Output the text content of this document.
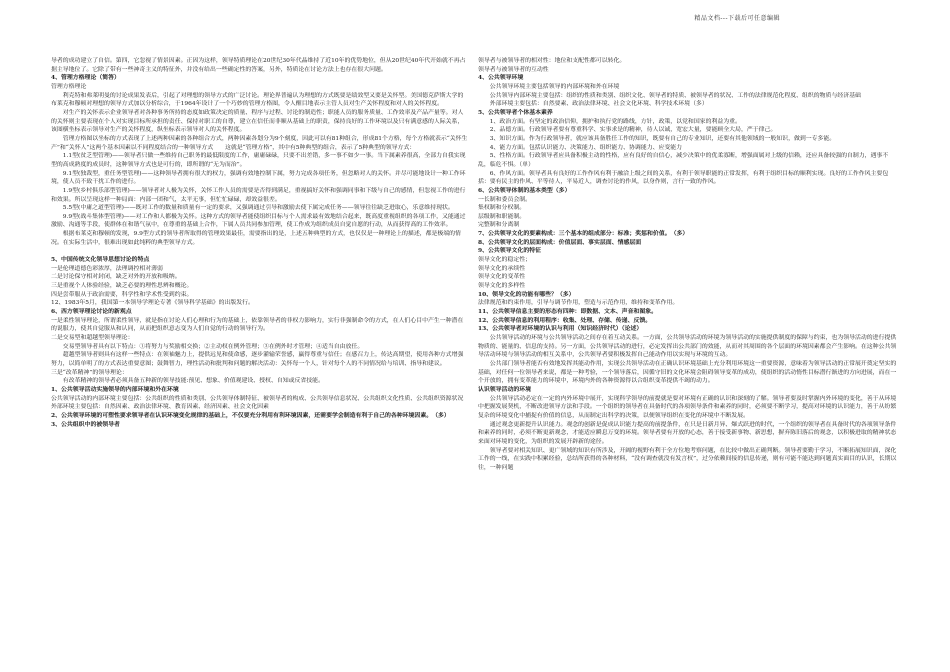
精品文档---下载后可任意编辑

导者的成功建立了自信。第四，它忽视了情景因素。正因为这样，领导特质理论在20世纪30年代晶维持了近10年的优势地位，但从20世纪40年代开始就不再占据主导地位了。它除了带有一些神奇主义的特征外，并没有给出一些确定性的答案，另外，特质论在讨论方法上也存在很大问题。

4、管理方格理论（简答）

管理方格理论

利克特和弗莱明曼的讨论成果发表后，引起了对理想的领导方式的广泛讨论。理论界普遍认为理想的方式既要是绩效型又要是关怀型。美国德克萨斯大学的布莱克和穆顿对理想的领导方式加以分析综合，于1964年设计了一个巧妙的管理方格图，令人醒目地表示主管人员对生产关怀程度和对人的关怀程度。

对生产的关怀表示企业领导者对各种事务所持的态度如政策决定的质量、程序与过程、讨论的制造性；职能人员的服务质量、工作效率及产品产量等。对人的关怀则主要表现在个人对实现目标所承担的责任、保持对职工的自尊，建立在信任而非顺从基础上的职责，保持良好的工作环境以及只有满意感的人际关系，该图横坐标表示领导对生产的关怀程度，纵坐标表示领导对人的关怀程度。

管理方格图以坐标的方式表现了上述两种因素的各种组合方式，两种因素各划分为9个刻度，因此可以有81种组合，形成81个方格，每个方格就表示“关怀生产”和“关怀人”这两个基本因素以不同程度结合的一种领导方式　　这就是“管理方格”，其中有5种典型的组合，表示了5种典型的领导方式：

1.1型(贫乏型管理)——领导者只做一些维持自己职务的最低限度的工作，庸庸碌碌，只要不出差错，多一事不如少一事。当下属素养很高，全部力自我实现型的高成熟度的成员时，这种领导方式也是可行的，即所谓的“无为而治”。

9.1型(独裁型，重任务型管理)——这种领导者拥有很大的权力，强调有效地控制下属，努力完成各项任务，但忽略对人的关怀。并尽可能地设计一种工作环境，使人员不致干扰工作的进行。

1.9型(乡村俱乐部型管理)——领导者对人极为关怀，关怀工作人员的需要是否得到满足，重视搞好关怀和强调同事和下级与自己的感情，但忽视工作的进行和效果。所以呈现这样一种局面：内部一团和气，太平无事，但忙忙碌碌，却效益很差。

5.5型(中庸之道型管理)——既对工作的数量和质量有一定的要求，又强调通过引导和激励去使下属完成任务——领导往往缺乏进取心，乐意维持现状。

9.9型(战斗集体型管理)——对工作和人都极为关怀。这种方式的领导者能使组织目标与个人需求最有效地结合起来，既高度重视组织的各项工作，又能通过激励、沟通等手段，使群体在和谐气氛中，在尊重的基础上合作，下属人员共同参加管理，使工作成为组织成员自觉自愿的行动，从而获得高的工作效率。

根据布莱克和穆顿的发现，9.9型方式的领导者所取得的管理效果最佳，需要指出的是，上述五种典型的方式，也仅仅是一种理论上的描述，都是极端的情况。在实际生活中，很难出现如此纯粹的典型领导方式。

5、中国传统文化领导思想讨论的特点

一是伦理道德色彩浓厚，法理调控相对薄弱

二是讨论保守相对封闭，缺乏对外的开放和吸纳。

三是重视个人体验经验，缺乏必要的理性思辨和概论。

四是尝带服从于政治需要，科学性和学术性受到约束。

12、1983年5月，我国第一本领导学理论专著《领导科学基础》的出版发行。

6、西方领导理论讨论的新观点

一是柔性领导理论，所谓柔性领导，就是指在讨论人们心理和行为的基础上，依靠领导者的非权力影响力，实行非强制命令的方式，在人们心目中产生一种潜在的说服力，使其自觉服从和认同，从而把组织意志变为人们自觉的行动的领导行为。

二是交易型和超越型领导理论：

交易型领导者具有以下特点：①将努力与奖励相交换；②主动权在例外管理；③在例外时才管理；④适当自由放任。

超越型领导者则具有这样一些特点：在领袖魅力上，提供远见和使命感，逐步灌输荣誉感，赢得尊重与信任；在感召力上，传达高期望，使用各种方式增强努力，以简单明了的方式表达重要意图；鼓舞智力，理性活动和批判和问题的解决活动：关怀每一个人，针对每个人的不同情况给与培训、指导和建议。

三是“改革精神”的领导理论：

有改革精神的领导者必须具备五种新的领导技能:预见、想象、价值观建设、授权、自知或反省技能。

1、公共领导活动实施领导的内部环境和外在环境

公共领导活动的内部环境主要包括：公共组织的性质和类别、公共领导体制特征、被领导者的构成、公共领导信息状况、公共组织文化性质、公共组织资源状况

外部环境主要包括：自然因素、政治法律环境、教育因素、经济因素、社会文化因素

2、公共领导环境的可塑性要求领导者在认识环境变化规律的基础上，不仅要充分利用有利环境因素，还需要学会制造有利于自己的各种环境因素。（多）

3、公共组织中的被领导者

领导者与被领导者的相对性：地位和支配性都可以转化。

领导者与被领导者的互动性

4、公共领导环境

公共领导环境主要包括领导的内部环境和外在环境

公共领导内部环境主要包括：组织的性质和类别、组织文化、领导者的特质、被领导者的状况、工作的法律规范化程度、组织的物质与经济基础

外部环境主要包括：自然要素、政治法律环境、社会文化环境、科学技术环境（多）

5、公共领导者个体基本素养

1、政治方面。有坚定的政治信仰，拥护和执行党的路线，方针，政策，以党和国家的利益为重。

2、品德方面。行政领导者要有尊重科学、实事求是的精神，待人以诚，宽宏大量，要能顾全大局，严于律己。

3、知识方面。作为行政领导者，就应该具备胜任工作的知识，既要有自己的专业知识，还要有其他领域的一般知识，做到一专多能。

4、能力方面。包括认识能力、决策能力、组织能力、协调能力、应变能力

5、性格方面。行政领导者应具备积极主动的性格，应有良好的自信心，减少决策中的优柔寡断，增强面属对上级的信赖，还应具备较强的自制力，遇事不乱，临危不惧。（单）

6、作风方面。领导者具有良好的工作作风有利于融洽上级之间的关系，有利于领导职能的正常发挥，有利于组织目标的顺利实现。良好的工作作风主要包括：要有民主的作风、平等待人，平易近人，调查讨论的作风，以身作则，言行一致的作风。

6、公共领导体制的基本类型（多）

一长制和委员会制。

集权制和分权制。

层级制和职能制。

完整制和分离制

7、公共领导文化的要素构成：三个基本的组成部分：标准；奖惩和价值。（多）

8、公共领导文化的层面构成：价值层面、事实层面、情感层面

9、公共领导文化的特征

领导文化的稳定性；

领导文化的承续性

领导文化的变革性

领导文化的多样性

10、领导文化的功能有哪些？（多）

法律规范和约束作用，引导与调节作用，塑造与示范作用，维持和变革作用。

11、公共领导信息主要的形态有四种：即数据、文本、声音和图象。

12、公共领导信息的利用程序：收集、处理、存储、传递、反馈。

13、公共领导者对环境的认识与利用（知识经济时代）（论述）

公共领导活动的环境与公共领导活动之间存在着互动关系。一方面，公共领导活动的环境为领导活动的实施提供制度的保障与约束，也为领导活动的进行提供物质的、能量的、信息的支持。另一方面，公共领导活动的进行，必定发挥出公共部门的效能，从而对其周围的各个层面的环境因素都会产生影响。在这种公共领导活动环境与领导活动的相互关系中，公共领导者要积极发挥自己能动作用以实现与环境的互动。

公共部门领导者能否有效地发挥其能动作用，实现公共领导活动在正确认识环境基础上充分利用环境这一重要资源，意味着为领导活动的正常展开奠定坚实的基础，对任何一位领导者来说，都是一种考验，一个领导落后，因循守旧的文化环境会阻碍领导变革的成功，使组织的活动惰性目标潜行渐进的方向进展，而在一个开放的，拥有变革能力的环境中，环境内外的各种资源得以合组织变革提供不竭的动力。

认识领导活动的环境

公共领导活动必定在一定的内外环境中展开，实现科学领导的前提就是要对环境有正确的认识和深刻的了解。领导者要及时掌握内外环境的变化，善于从环境中把握发展契机，不断改进领导方法和手段。一个组织的领导者在具备时代的各项领导条件和素养的同时，必须要不断学习，提高对环境的认识能力，善于从纷繁复杂的环境变化中捕捉有价值的信息，从而制定出科学的决策，以便领导组织在变化的环境中不断发展。

通过观念更新提升认识能力。观念的创新是促成认识能力提高的前提条件，在只是日新月异、爆式跃进的时代，一个组织的领导者在具备时代的各项领导条件和素养的同时，必须不断更新观念，才能适应瞬息万变的环境。领导者要有开放的心态，善于接受新事物、新思想，摒弃陈旧落后的观念，以积极进取的精神状态来面对环境的变化，为组织的发展开辟新的途径。

领导者要对相关知识、更广领域的知识有所涉及，开阔的视野有利于全方位地考察问题，在比较中做出正确判断。领导者要勤于学习，不断拓展知识面，深化工作的一线，在实践中积累经验，总结所获得的各种材料，“没有调查就没有发言权”，过分依赖间接的信息传递，则有可能不能达到问题真实面目的认识，长期以往，一种问题
